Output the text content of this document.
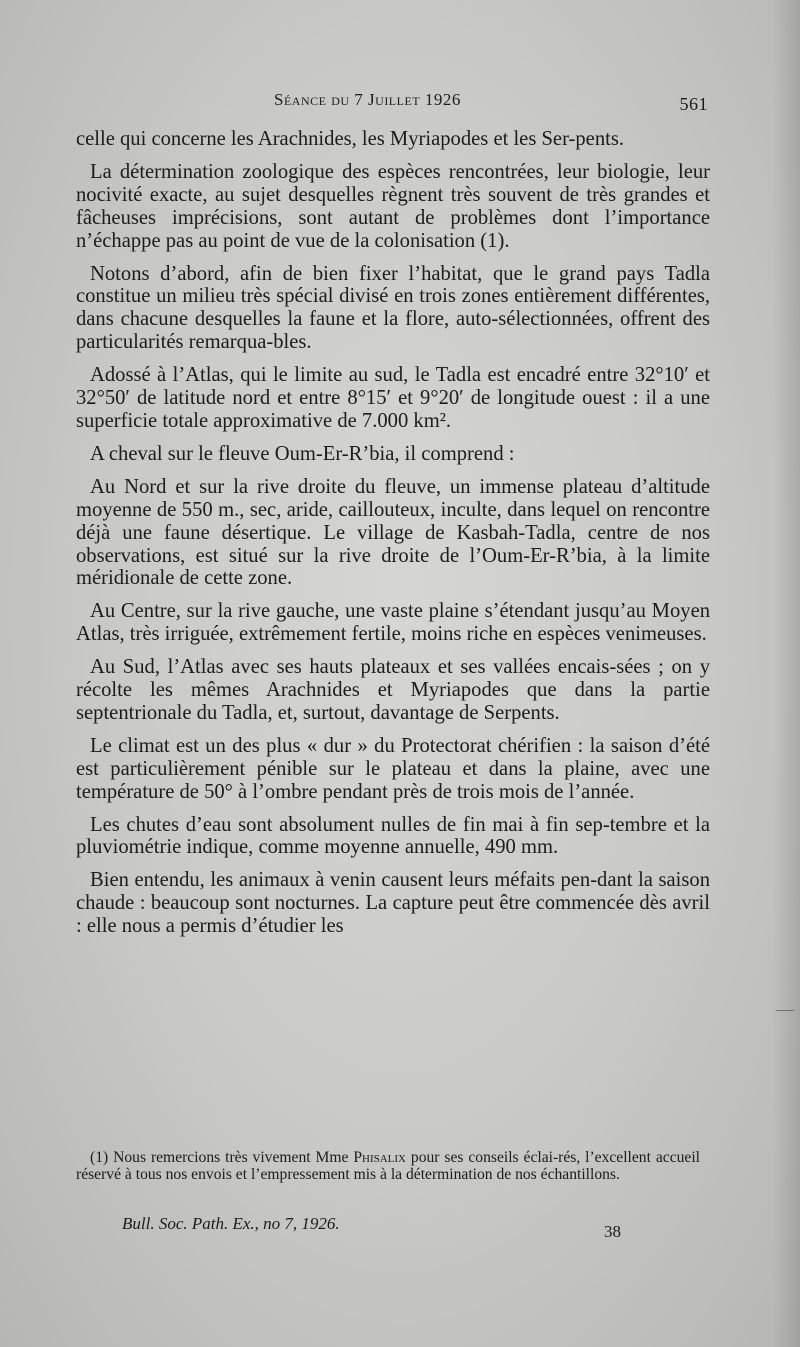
Séance du 7 Juillet 1926	561

celle qui concerne les Arachnides, les Myriapodes et les Ser-pents.

La détermination zoologique des espèces rencontrées, leur biologie, leur nocivité exacte, au sujet desquelles règnent très souvent de très grandes et fâcheuses imprécisions, sont autant de problèmes dont l’importance n’échappe pas au point de vue de la colonisation (1).

Notons d’abord, afin de bien fixer l’habitat, que le grand pays Tadla constitue un milieu très spécial divisé en trois zones entièrement différentes, dans chacune desquelles la faune et la flore, auto-sélectionnées, offrent des particularités remarqua-bles.

Adossé à l’Atlas, qui le limite au sud, le Tadla est encadré entre 32°10′ et 32°50′ de latitude nord et entre 8°15′ et 9°20′ de longitude ouest : il a une superficie totale approximative de 7.000 km².

A cheval sur le fleuve Oum-Er-R’bia, il comprend :

Au Nord et sur la rive droite du fleuve, un immense plateau d’altitude moyenne de 550 m., sec, aride, caillouteux, inculte, dans lequel on rencontre déjà une faune désertique. Le village de Kasbah-Tadla, centre de nos observations, est situé sur la rive droite de l’Oum-Er-R’bia, à la limite méridionale de cette zone.

Au Centre, sur la rive gauche, une vaste plaine s’étendant jusqu’au Moyen Atlas, très irriguée, extrêmement fertile, moins riche en espèces venimeuses.

Au Sud, l’Atlas avec ses hauts plateaux et ses vallées encais-sées ; on y récolte les mêmes Arachnides et Myriapodes que dans la partie septentrionale du Tadla, et, surtout, davantage de Serpents.

Le climat est un des plus « dur » du Protectorat chérifien : la saison d’été est particulièrement pénible sur le plateau et dans la plaine, avec une température de 50° à l’ombre pendant près de trois mois de l’année.

Les chutes d’eau sont absolument nulles de fin mai à fin sep-tembre et la pluviométrie indique, comme moyenne annuelle, 490 mm.

Bien entendu, les animaux à venin causent leurs méfaits pen-dant la saison chaude : beaucoup sont nocturnes. La capture peut être commencée dès avril : elle nous a permis d’étudier les

(1) Nous remercions très vivement Mme Phisalix pour ses conseils éclai-rés, l’excellent accueil réservé à tous nos envois et l’empressement mis à la détermination de nos échantillons.

Bull. Soc. Path. Ex., no 7, 1926.	38
